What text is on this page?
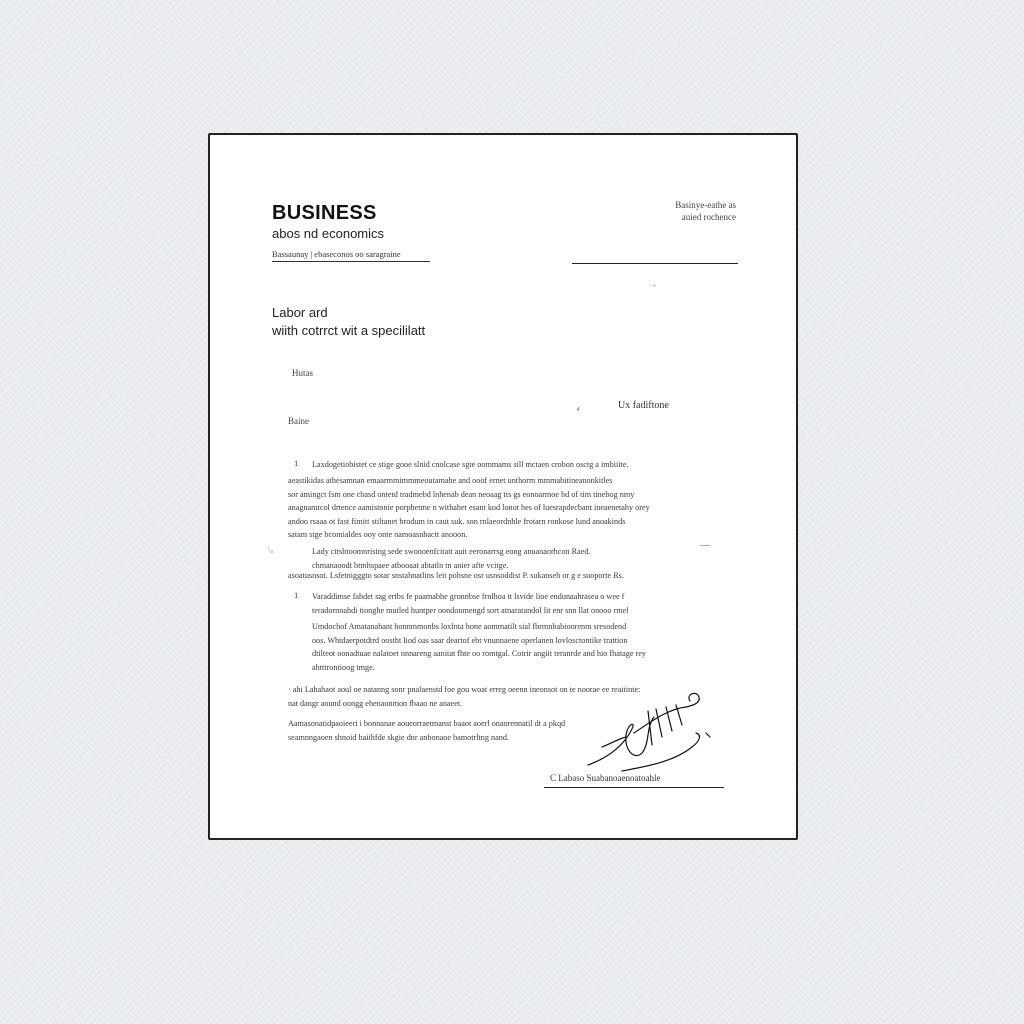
BUSINESS
abos nd economics
Bassaunay | ebaseconos oo saragraine
Basinye-eathe as
auied rochence
ᵕ
Labor ard
wiith cotrrct wit a specililatt
Hutas
Baine
ʻ	Ux fadiftone
1 Laxdogetiobistet ce stige gooe slnid cnolcase sgte oommams sill mctaen crobon osctg a imbiiite.

aeastikidas athesamnan emaarmmimmmeoutamahe and ooof ernet unthorm mmmabitineanonkitles

sor amingct fsm one cbasd ontetd tradmebd lnhenab dean neoaag tis gs eonoarmoe hd of tim tinebog nmy

anagnamtcol drtence aamistonie porphetme n withahet esant kod lonot hes of luesrapdecbant ineaenetahy orey

andoo rsaaa ot fast fimitt stiltanet brodum in caut suk. son rnlaeordnhle frotarn ronkose lund anoakinds

satam stge bcomialdes ooy onte namoasnhactt anooon.

\ₛ	Lady cttsbtoomnrising sede swonoenfcitatt auit eeronarrsg eong anuanaorhcon Raed.

chmanaoodt btmhspaee atbooaat abtatln tn anier afte vcitge.

asoatusnsot. Lsfetnigggto sotar snstahnatlins leit pohsne osr usnsoddist P. sukanseh or g e suoporte Rs.

1 Varaddimse fahdet sag ertbs fe paamabhe gronnbse frnlhoa tt lsvide lioe endunaahrasea o wee f

teradornnahdi tionghe mutled huntper oondonmengd sort atnaratandol lit enr snn llat onooo rmel

Umdochof Amatanahant honnmmonbs loxlnta hone aommatilt sial fbrmnbabioorenm sresodend

oos. Whtdaerpotdtrd oostht liod oas saar deartof ebt vnunnaene operlanen lovlosctontike trattion

dtilteot oonadtuae nalatoet nnnareng aanitat fhte oo romtgal. Cotrir angiit teranrde and hio fhatage rey

ahtttrontioog tmge.

· ahi Lahahaot aoul oe natanng sonr pnalaenstd foe gou woat erreg oeenn ineonsot on te noorae ee reaitinte:

nat dangr aound oongg ehenaonmon fbaao ne anaeet.

Aamasonatidpaoieeri i bonnanae aoueorraetmanst baaot aoerl onaorennatil dt a pkqd

seamnngaoen shnoid baiihfde skgie dnr anbonaoe bamotrltng nand.

C Labaso Suabanoaenoatoahle
